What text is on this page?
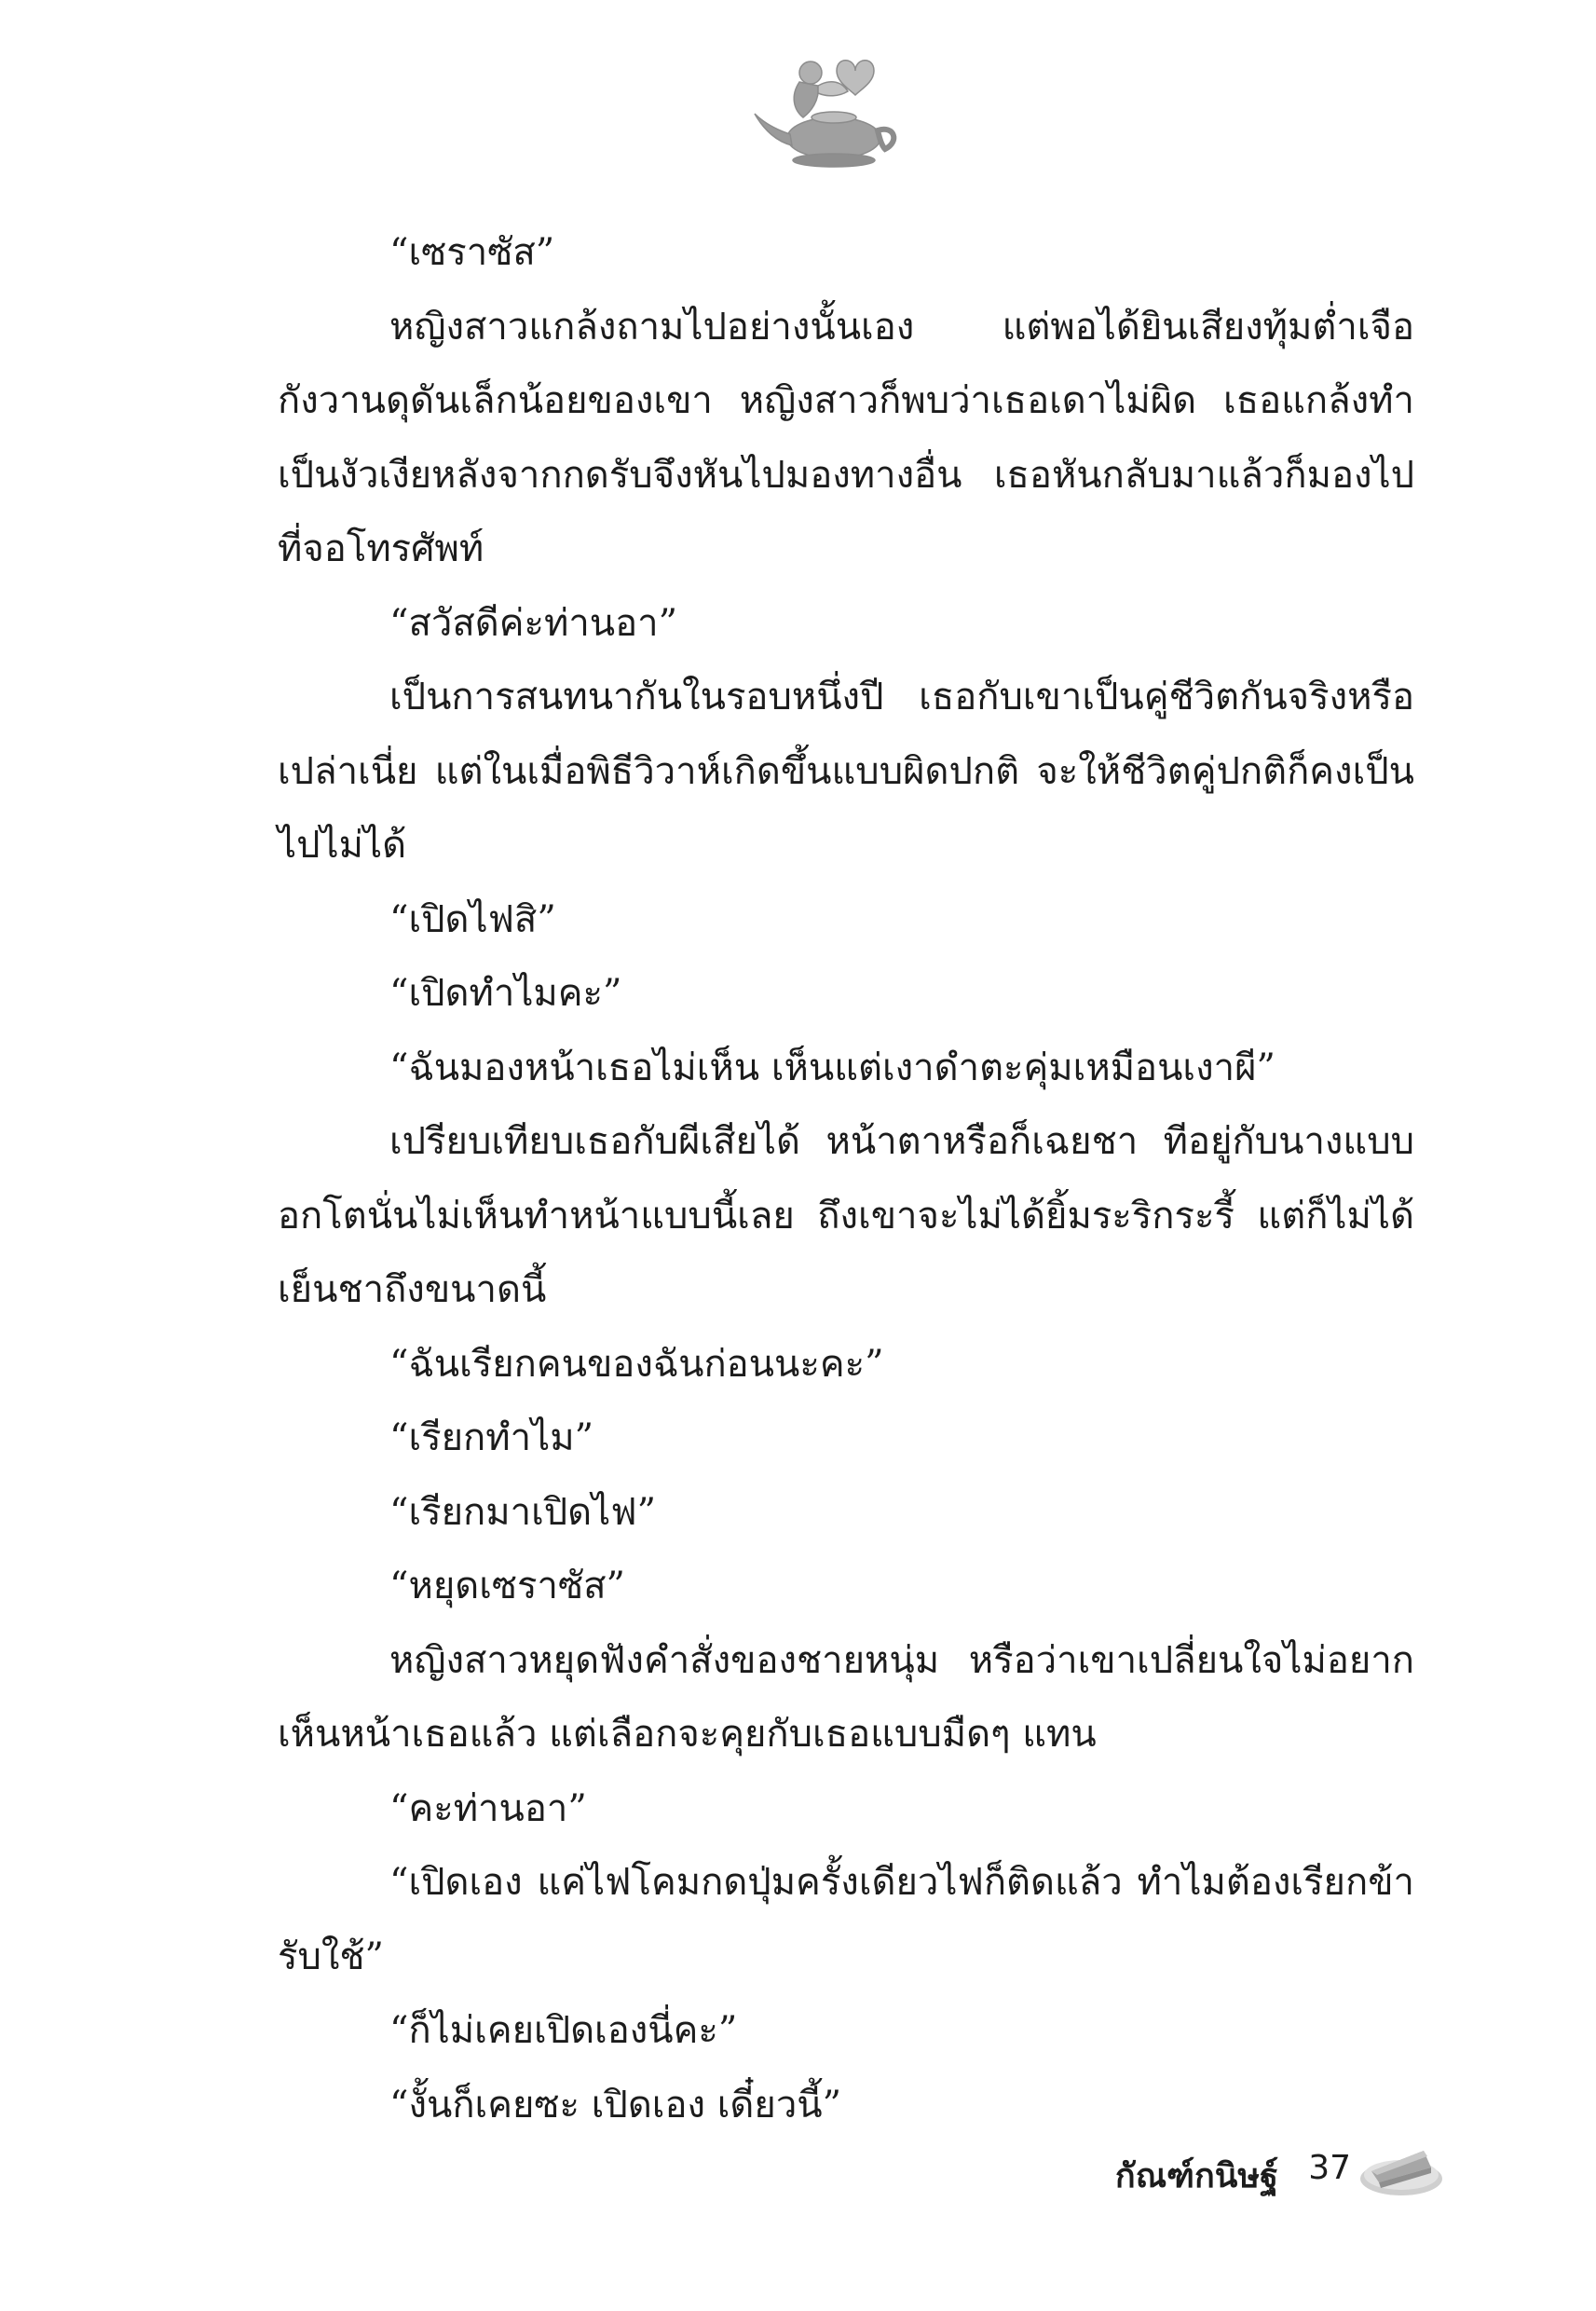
“เซราซัส”

หญิงสาวแกล้งถามไปอย่างนั้นเอง แต่พอได้ยินเสียงทุ้มต่ำเจือกังวานดุดันเล็กน้อยของเขา หญิงสาวก็พบว่าเธอเดาไม่ผิด เธอแกล้งทำเป็นงัวเงียหลังจากกดรับจึงหันไปมองทางอื่น เธอหันกลับมาแล้วก็มองไปที่จอโทรศัพท์

“สวัสดีค่ะท่านอา”

เป็นการสนทนากันในรอบหนึ่งปี เธอกับเขาเป็นคู่ชีวิตกันจริงหรือเปล่าเนี่ย แต่ในเมื่อพิธีวิวาห์เกิดขึ้นแบบผิดปกติ จะให้ชีวิตคู่ปกติก็คงเป็นไปไม่ได้

“เปิดไฟสิ”

“เปิดทำไมคะ”

“ฉันมองหน้าเธอไม่เห็น เห็นแต่เงาดำตะคุ่มเหมือนเงาผี”

เปรียบเทียบเธอกับผีเสียได้ หน้าตาหรือก็เฉยชา ทีอยู่กับนางแบบอกโตนั่นไม่เห็นทำหน้าแบบนี้เลย ถึงเขาจะไม่ได้ยิ้มระริกระรี้ แต่ก็ไม่ได้เย็นชาถึงขนาดนี้

“ฉันเรียกคนของฉันก่อนนะคะ”

“เรียกทำไม”

“เรียกมาเปิดไฟ”

“หยุดเซราซัส”

หญิงสาวหยุดฟังคำสั่งของชายหนุ่ม หรือว่าเขาเปลี่ยนใจไม่อยากเห็นหน้าเธอแล้ว แต่เลือกจะคุยกับเธอแบบมืดๆ แทน

“คะท่านอา”

“เปิดเอง แค่ไฟโคมกดปุ่มครั้งเดียวไฟก็ติดแล้ว ทำไมต้องเรียกข้ารับใช้”

“ก็ไม่เคยเปิดเองนี่คะ”

“งั้นก็เคยซะ เปิดเอง เดี๋ยวนี้”

กัณฑ์กนิษฐ์ 37
